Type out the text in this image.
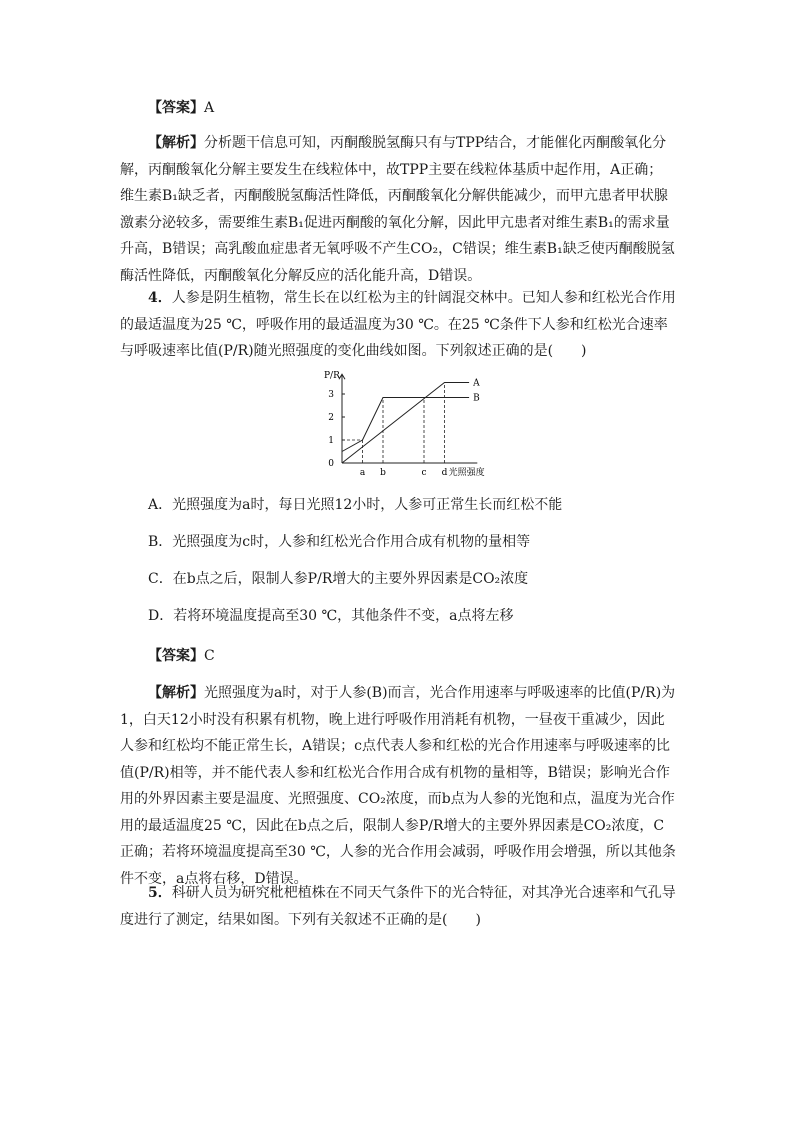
【答案】A
【解析】分析题干信息可知，丙酮酸脱氢酶只有与TPP结合，才能催化丙酮酸氧化分解，丙酮酸氧化分解主要发生在线粒体中，故TPP主要在线粒体基质中起作用，A正确；维生素B₁缺乏者，丙酮酸脱氢酶活性降低，丙酮酸氧化分解供能减少，而甲亢患者甲状腺激素分泌较多，需要维生素B₁促进丙酮酸的氧化分解，因此甲亢患者对维生素B₁的需求量升高，B错误；高乳酸血症患者无氧呼吸不产生CO₂，C错误；维生素B₁缺乏使丙酮酸脱氢酶活性降低，丙酮酸氧化分解反应的活化能升高，D错误。
4．人参是阴生植物，常生长在以红松为主的针阔混交林中。已知人参和红松光合作用的最适温度为25 ℃，呼吸作用的最适温度为30 ℃。在25 ℃条件下人参和红松光合速率与呼吸速率比值(P/R)随光照强度的变化曲线如图。下列叙述正确的是(　　)
P/R
光照强度
0
1
2
3
a b	c d
A
B
A．光照强度为a时，每日光照12小时，人参可正常生长而红松不能
B．光照强度为c时，人参和红松光合作用合成有机物的量相等
C．在b点之后，限制人参P/R增大的主要外界因素是CO₂浓度
D．若将环境温度提高至30 ℃，其他条件不变，a点将左移
【答案】C
【解析】光照强度为a时，对于人参(B)而言，光合作用速率与呼吸速率的比值(P/R)为1，白天12小时没有积累有机物，晚上进行呼吸作用消耗有机物，一昼夜干重减少，因此人参和红松均不能正常生长，A错误；c点代表人参和红松的光合作用速率与呼吸速率的比值(P/R)相等，并不能代表人参和红松光合作用合成有机物的量相等，B错误；影响光合作用的外界因素主要是温度、光照强度、CO₂浓度，而b点为人参的光饱和点，温度为光合作用的最适温度25 ℃，因此在b点之后，限制人参P/R增大的主要外界因素是CO₂浓度，C正确；若将环境温度提高至30 ℃，人参的光合作用会减弱，呼吸作用会增强，所以其他条件不变，a点将右移，D错误。
5．科研人员为研究枇杷植株在不同天气条件下的光合特征，对其净光合速率和气孔导度进行了测定，结果如图。下列有关叙述不正确的是(　　)
